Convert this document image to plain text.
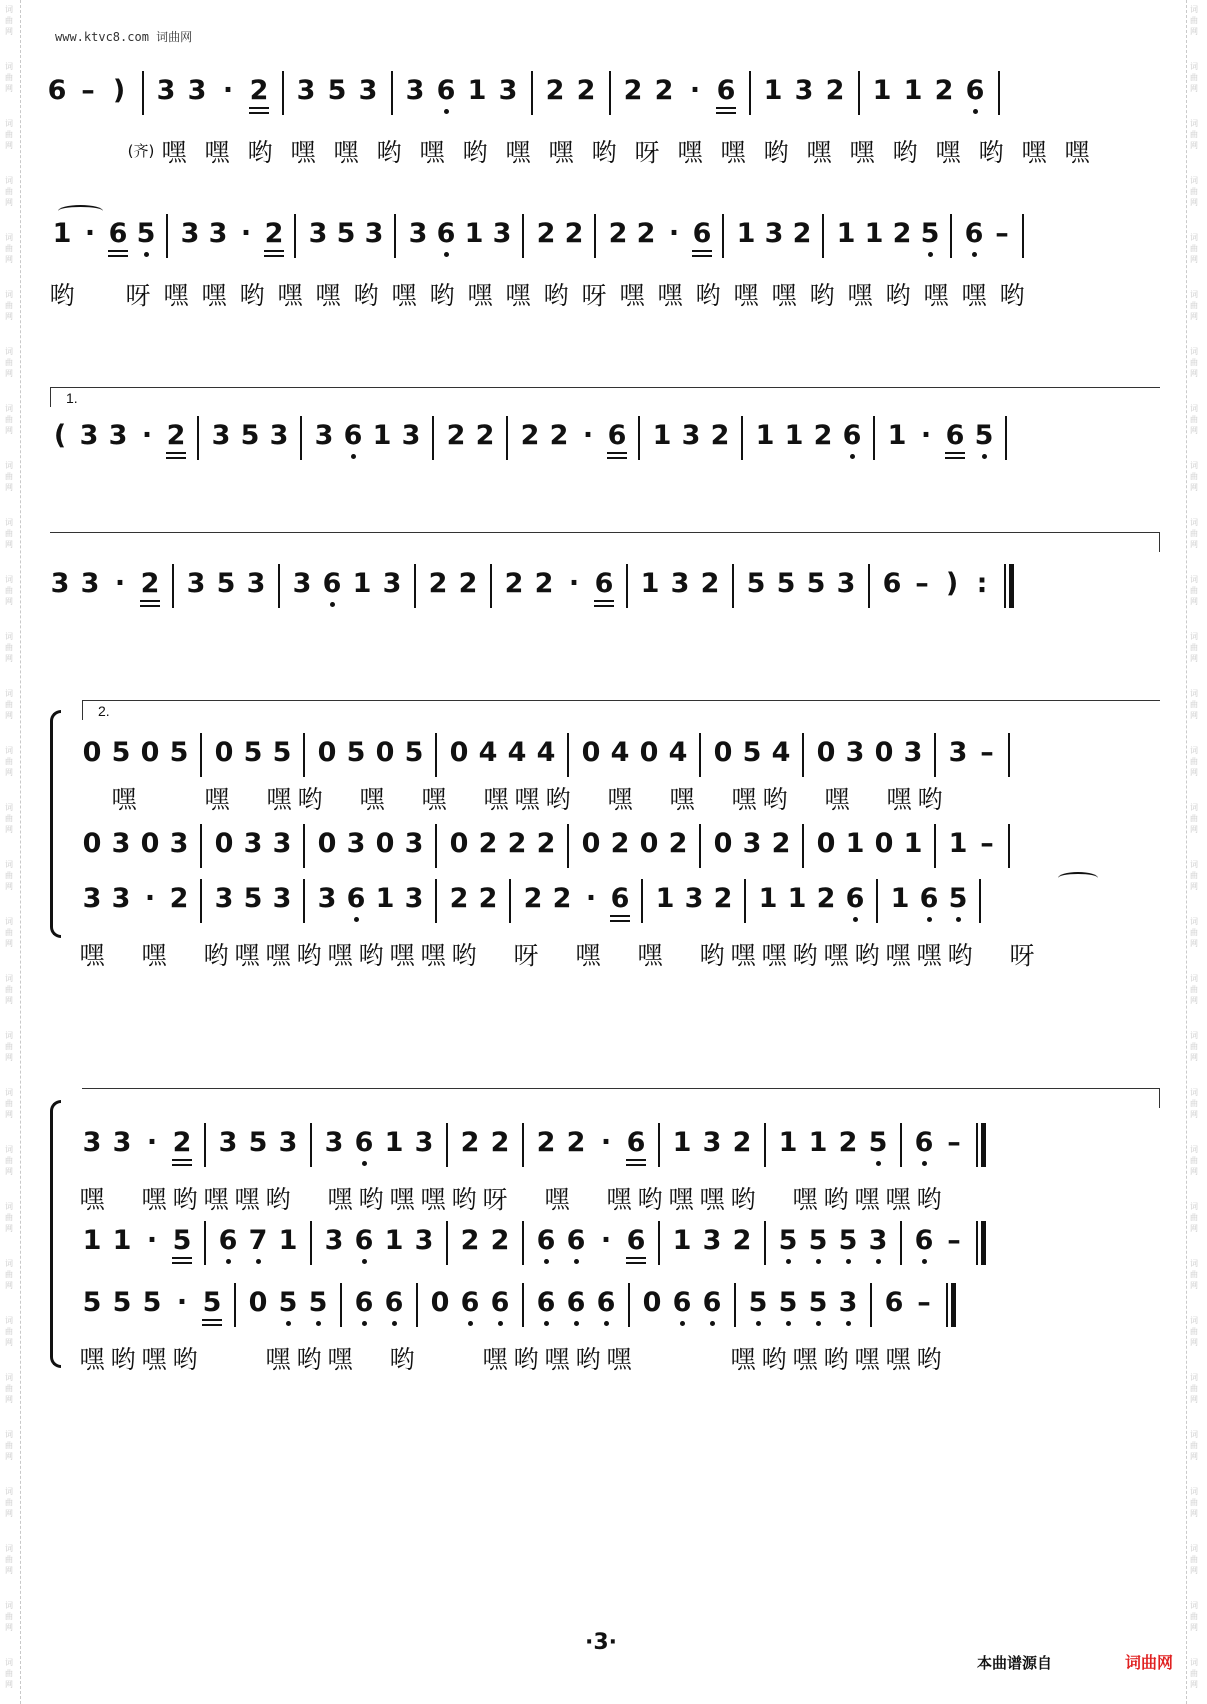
词
曲
网
词
曲
网
词
曲
网
词
曲
网
词
曲
网
词
曲
网
词
曲
网
词
曲
网
词
曲
网
词
曲
网
词
曲
网
词
曲
网
词
曲
网
词
曲
网
词
曲
网
词
曲
网
词
曲
网
词
曲
网
词
曲
网
词
曲
网
词
曲
网
词
曲
网
词
曲
网
词
曲
网
词
曲
网
词
曲
网
词
曲
网
词
曲
网
词
曲
网
词
曲
网
词
曲
网
词
曲
网
词
曲
网
词
曲
网
词
曲
网
词
曲
网
词
曲
网
词
曲
网
词
曲
网
词
曲
网
词
曲
网
词
曲
网
词
曲
网
词
曲
网
词
曲
网
词
曲
网
词
曲
网
词
曲
网
词
曲
网
词
曲
网
词
曲
网
词
曲
网
词
曲
网
词
曲
网
词
曲
网
词
曲
网
词
曲
网
词
曲
网
词
曲
网
词
曲
网
www.ktvc8.com 词曲网
6 – ) 3 3 · 2 3 5 3 3 6 1 3 2 2 2 2 · 6 1 3 2 1 1 2 6
(齐) 嘿 嘿 哟 嘿 嘿 哟 嘿 哟 嘿 嘿 哟 呀 嘿 嘿 哟 嘿 嘿 哟 嘿 哟 嘿 嘿
1 · 6 5 3 3 · 2 3 5 3 3 6 1 3 2 2 2 2 · 6 1 3 2 1 1 2 5 6 –
哟 呀 嘿 嘿 哟 嘿 嘿 哟 嘿 哟 嘿 嘿 哟 呀 嘿 嘿 哟 嘿 嘿 哟 嘿 哟 嘿 嘿 哟
1.
( 3 3 · 2 3 5 3 3 6 1 3 2 2 2 2 · 6 1 3 2 1 1 2 6 1 · 6 5
3 3 · 2 3 5 3 3 6 1 3 2 2 2 2 · 6 1 3 2 5 5 5 3 6 – ) :
2.
0 5 0 5 0 5 5 0 5 0 5 0 4 4 4 0 4 0 4 0 5 4 0 3 0 3 3 –
嘿	嘿 嘿 哟 嘿 嘿 嘿 嘿 哟 嘿 嘿 嘿 哟 嘿 嘿 哟
0 3 0 3 0 3 3 0 3 0 3 0 2 2 2 0 2 0 2 0 3 2 0 1 0 1 1 –
3 3 · 2 3 5 3 3 6 1 3 2 2 2 2 · 6 1 3 2 1 1 2 6 1 6 5
嘿 嘿 哟 嘿 嘿 哟 嘿 哟 嘿 嘿 哟 呀 嘿 嘿 哟 嘿 嘿 哟 嘿 哟 嘿 嘿 哟 呀
3 3 · 2 3 5 3 3 6 1 3 2 2 2 2 · 6 1 3 2 1 1 2 5 6 –
嘿 嘿 哟 嘿 嘿 哟 嘿 哟 嘿 嘿 哟 呀 嘿 嘿 哟 嘿 嘿 哟 嘿 哟 嘿 嘿 哟
1 1 · 5 6 7 1 3 6 1 3 2 2 6 6 · 6 1 3 2 5 5 5 3 6 –
5 5 5 · 5 0 5 5 6 6 0 6 6 6 6 6 0 6 6 5 5 5 3 6 –
嘿 哟 嘿 哟	嘿 哟 嘿 哟	嘿 哟 嘿 哟 嘿	嘿 哟 嘿 哟 嘿 嘿 哟
·3·
本曲谱源自	词曲网
